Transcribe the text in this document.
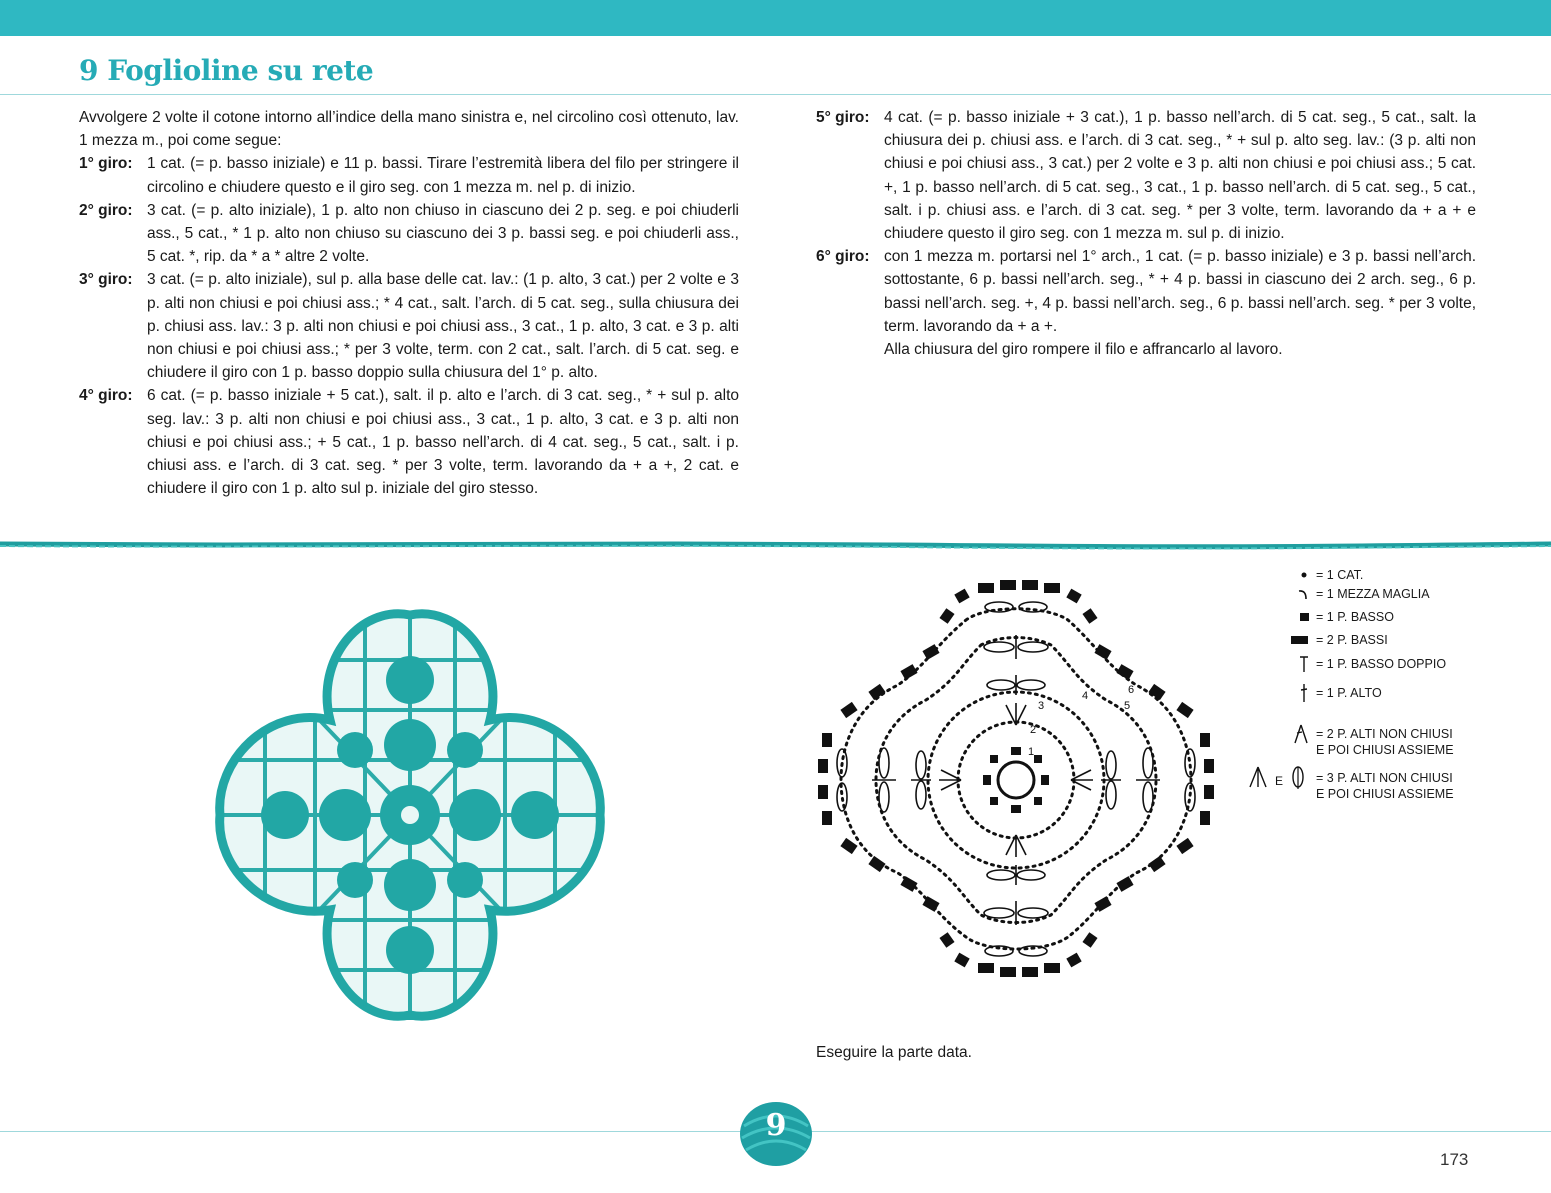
9 Foglioline su rete

Avvolgere 2 volte il cotone intorno all’indice della mano sinistra e, nel circolino così ottenuto, lav. 1 mezza m., poi come segue:

1° giro: 1 cat. (= p. basso iniziale) e 11 p. bassi. Tirare l’estremità libera del filo per stringere il circolino e chiudere questo e il giro seg. con 1 mezza m. nel p. di inizio.
2° giro: 3 cat. (= p. alto iniziale), 1 p. alto non chiuso in ciascuno dei 2 p. seg. e poi chiuderli ass., 5 cat., * 1 p. alto non chiuso su ciascuno dei 3 p. bassi seg. e poi chiuderli ass., 5 cat. *, rip. da * a * altre 2 volte.
3° giro: 3 cat. (= p. alto iniziale), sul p. alla base delle cat. lav.: (1 p. alto, 3 cat.) per 2 volte e 3 p. alti non chiusi e poi chiusi ass.; * 4 cat., salt. l’arch. di 5 cat. seg., sulla chiusura dei p. chiusi ass. lav.: 3 p. alti non chiusi e poi chiusi ass., 3 cat., 1 p. alto, 3 cat. e 3 p. alti non chiusi e poi chiusi ass.; * per 3 volte, term. con 2 cat., salt. l’arch. di 5 cat. seg. e chiudere il giro con 1 p. basso doppio sulla chiusura del 1° p. alto.
4° giro: 6 cat. (= p. basso iniziale + 5 cat.), salt. il p. alto e l’arch. di 3 cat. seg., * + sul p. alto seg. lav.: 3 p. alti non chiusi e poi chiusi ass., 3 cat., 1 p. alto, 3 cat. e 3 p. alti non chiusi e poi chiusi ass.; + 5 cat., 1 p. basso nell’arch. di 4 cat. seg., 5 cat., salt. i p. chiusi ass. e l’arch. di 3 cat. seg. * per 3 volte, term. lavorando da + a +, 2 cat. e chiudere il giro con 1 p. alto sul p. iniziale del giro stesso.
5° giro: 4 cat. (= p. basso iniziale + 3 cat.), 1 p. basso nell’arch. di 5 cat. seg., 5 cat., salt. la chiusura dei p. chiusi ass. e l’arch. di 3 cat. seg., * + sul p. alto seg. lav.: (3 p. alti non chiusi e poi chiusi ass., 3 cat.) per 2 volte e 3 p. alti non chiusi e poi chiusi ass.; 5 cat. +, 1 p. basso nell’arch. di 5 cat. seg., 3 cat., 1 p. basso nell’arch. di 5 cat. seg., 5 cat., salt. i p. chiusi ass. e l’arch. di 3 cat. seg. * per 3 volte, term. lavorando da + a + e chiudere questo il giro seg. con 1 mezza m. sul p. di inizio.
6° giro: con 1 mezza m. portarsi nel 1° arch., 1 cat. (= p. basso iniziale) e 3 p. bassi nell’arch. sottostante, 6 p. bassi nell’arch. seg., * + 4 p. bassi in ciascuno dei 2 arch. seg., 6 p. bassi nell’arch. seg. +, 4 p. bassi nell’arch. seg., 6 p. bassi nell’arch. seg. * per 3 volte, term. lavorando da + a +.

Alla chiusura del giro rompere il filo e affrancarlo al lavoro.

1
2
3
4
5
6
= 1 CAT.
= 1 MEZZA MAGLIA
= 1 P. BASSO
= 2 P. BASSI
= 1 P. BASSO DOPPIO
= 1 P. ALTO
= 2 P. ALTI NON CHIUSI
E POI CHIUSI ASSIEME
E	= 3 P. ALTI NON CHIUSI
E POI CHIUSI ASSIEME

Eseguire la parte data.

9
173
